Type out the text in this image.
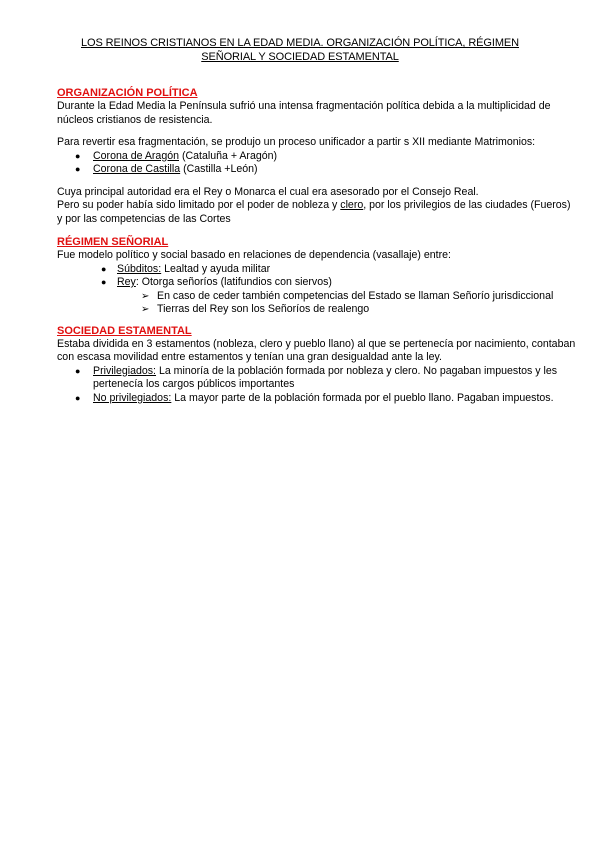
LOS REINOS CRISTIANOS EN LA EDAD MEDIA. ORGANIZACIÓN POLÍTICA, RÉGIMEN
SEÑORIAL Y SOCIEDAD ESTAMENTAL

ORGANIZACIÓN POLÍTICA

Durante la Edad Media la Península sufrió una intensa fragmentación política debida a la multiplicidad de núcleos cristianos de resistencia.

Para revertir esa fragmentación, se produjo un proceso unificador a partir s XII mediante Matrimonios:

● Corona de Aragón (Cataluña + Aragón)
● Corona de Castilla (Castilla +León)

Cuya principal autoridad era el Rey o Monarca el cual era asesorado por el Consejo Real.

Pero su poder había sido limitado por el poder de nobleza y clero, por los privilegios de las ciudades (Fueros) y por las competencias de las Cortes

RÉGIMEN SEÑORIAL

Fue modelo político y social basado en relaciones de dependencia (vasallaje) entre:

● Súbditos: Lealtad y ayuda militar
● Rey: Otorga señoríos (latifundios con siervos)
➢ En caso de ceder también competencias del Estado se llaman Señorío jurisdiccional
➢ Tierras del Rey son los Señoríos de realengo

SOCIEDAD ESTAMENTAL

Estaba dividida en 3 estamentos (nobleza, clero y pueblo llano) al que se pertenecía por nacimiento, contaban con escasa movilidad entre estamentos y tenían una gran desigualdad ante la ley.

● Privilegiados: La minoría de la población formada por nobleza y clero. No pagaban impuestos y les pertenecía los cargos públicos importantes
● No privilegiados: La mayor parte de la población formada por el pueblo llano. Pagaban impuestos.
